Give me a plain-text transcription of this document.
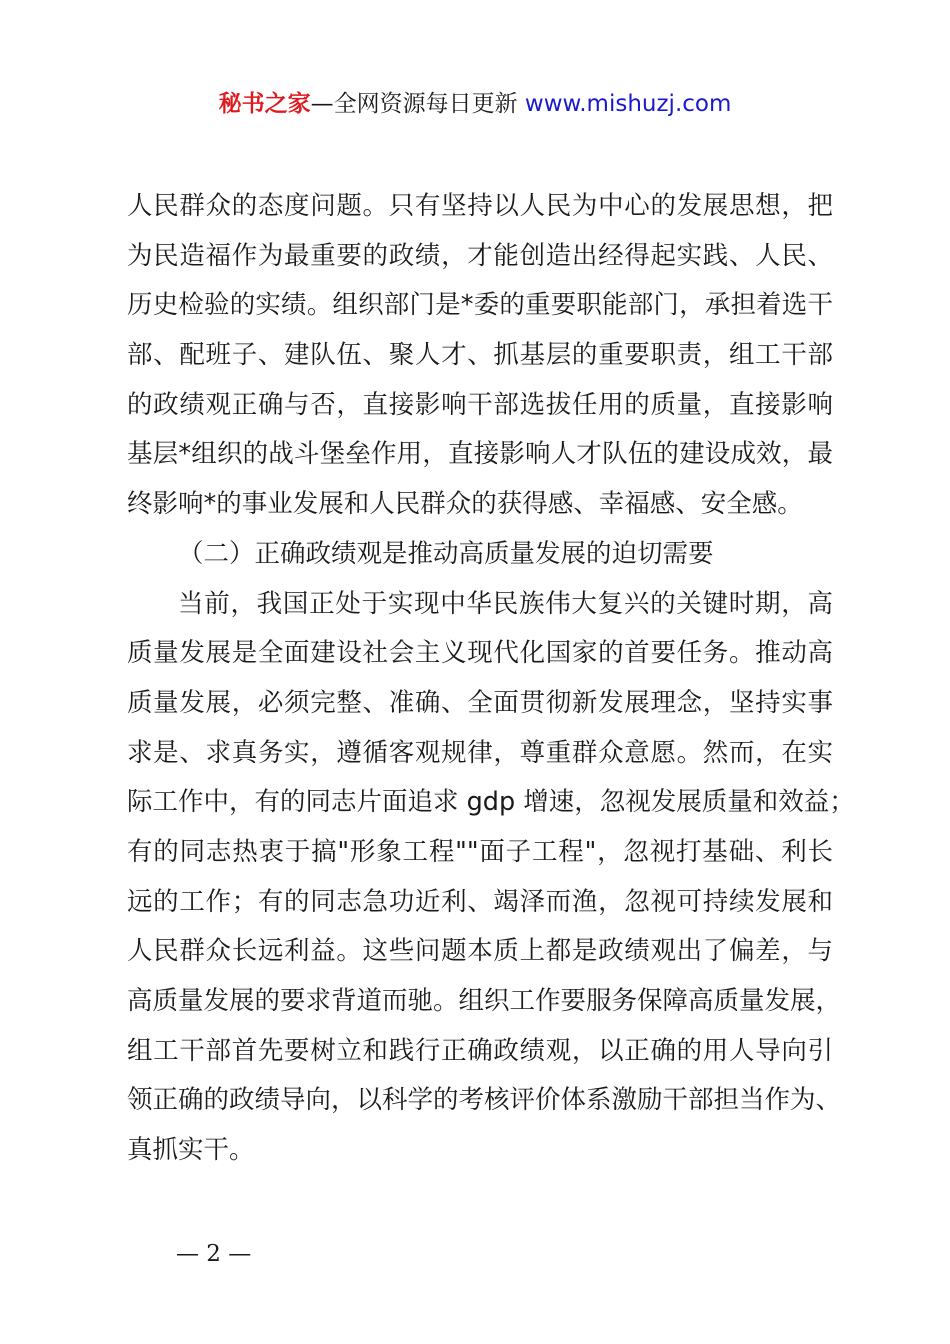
秘书之家—全网资源每日更新 www.mishuzj.com
人民群众的态度问题。只有坚持以人民为中心的发展思想，把
为民造福作为最重要的政绩，才能创造出经得起实践、人民、
历史检验的实绩。组织部门是*委的重要职能部门，承担着选干
部、配班子、建队伍、聚人才、抓基层的重要职责，组工干部
的政绩观正确与否，直接影响干部选拔任用的质量，直接影响
基层*组织的战斗堡垒作用，直接影响人才队伍的建设成效，最
终影响*的事业发展和人民群众的获得感、幸福感、安全感。
（二）正确政绩观是推动高质量发展的迫切需要
当前，我国正处于实现中华民族伟大复兴的关键时期，高
质量发展是全面建设社会主义现代化国家的首要任务。推动高
质量发展，必须完整、准确、全面贯彻新发展理念，坚持实事
求是、求真务实，遵循客观规律，尊重群众意愿。然而，在实
际工作中，有的同志片面追求 gdp 增速，忽视发展质量和效益；
有的同志热衷于搞"形象工程""面子工程"，忽视打基础、利长
远的工作；有的同志急功近利、竭泽而渔，忽视可持续发展和
人民群众长远利益。这些问题本质上都是政绩观出了偏差，与
高质量发展的要求背道而驰。组织工作要服务保障高质量发展，
组工干部首先要树立和践行正确政绩观，以正确的用人导向引
领正确的政绩导向，以科学的考核评价体系激励干部担当作为、
真抓实干。
— 2 —
